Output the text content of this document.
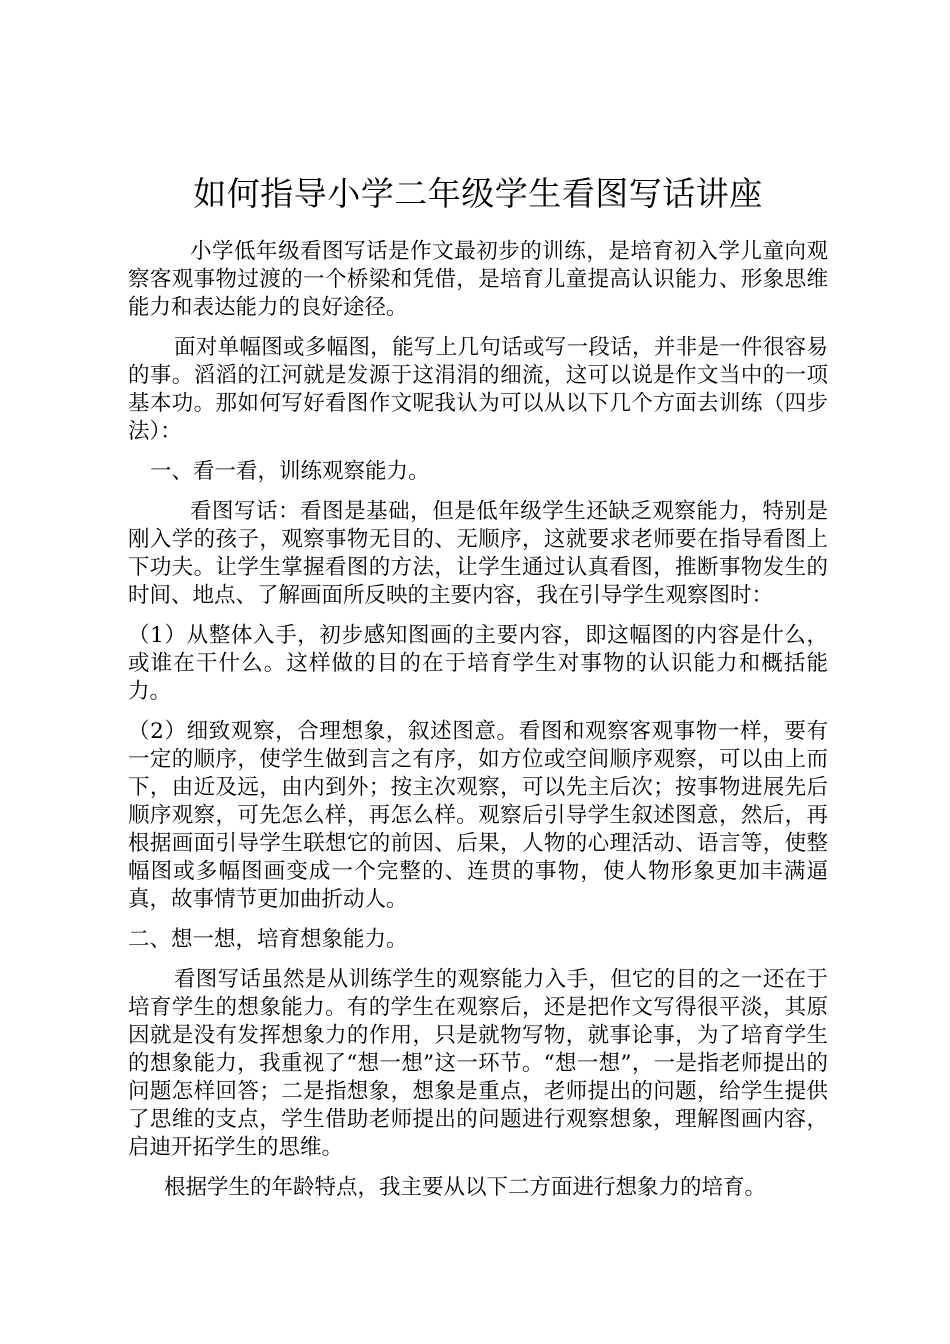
如何指导小学二年级学生看图写话讲座

小学低年级看图写话是作文最初步的训练，是培育初入学儿童向观察客观事物过渡的一个桥梁和凭借，是培育儿童提高认识能力、形象思维能力和表达能力的良好途径。

面对单幅图或多幅图，能写上几句话或写一段话，并非是一件很容易的事。滔滔的江河就是发源于这涓涓的细流，这可以说是作文当中的一项基本功。那如何写好看图作文呢我认为可以从以下几个方面去训练（四步法）：

一、看一看，训练观察能力。

看图写话：看图是基础，但是低年级学生还缺乏观察能力，特别是刚入学的孩子，观察事物无目的、无顺序，这就要求老师要在指导看图上下功夫。让学生掌握看图的方法，让学生通过认真看图，推断事物发生的时间、地点、了解画面所反映的主要内容，我在引导学生观察图时：

（1）从整体入手，初步感知图画的主要内容，即这幅图的内容是什么，或谁在干什么。这样做的目的在于培育学生对事物的认识能力和概括能力。

（2）细致观察，合理想象，叙述图意。看图和观察客观事物一样，要有一定的顺序，使学生做到言之有序，如方位或空间顺序观察，可以由上而下，由近及远，由内到外；按主次观察，可以先主后次；按事物进展先后顺序观察，可先怎么样，再怎么样。观察后引导学生叙述图意，然后，再根据画面引导学生联想它的前因、后果，人物的心理活动、语言等，使整幅图或多幅图画变成一个完整的、连贯的事物，使人物形象更加丰满逼真，故事情节更加曲折动人。

二、想一想，培育想象能力。

看图写话虽然是从训练学生的观察能力入手，但它的目的之一还在于培育学生的想象能力。有的学生在观察后，还是把作文写得很平淡，其原因就是没有发挥想象力的作用，只是就物写物，就事论事，为了培育学生的想象能力，我重视了“想一想”这一环节。“想一想”，一是指老师提出的问题怎样回答；二是指想象，想象是重点，老师提出的问题，给学生提供了思维的支点，学生借助老师提出的问题进行观察想象，理解图画内容，启迪开拓学生的思维。

根据学生的年龄特点，我主要从以下二方面进行想象力的培育。
